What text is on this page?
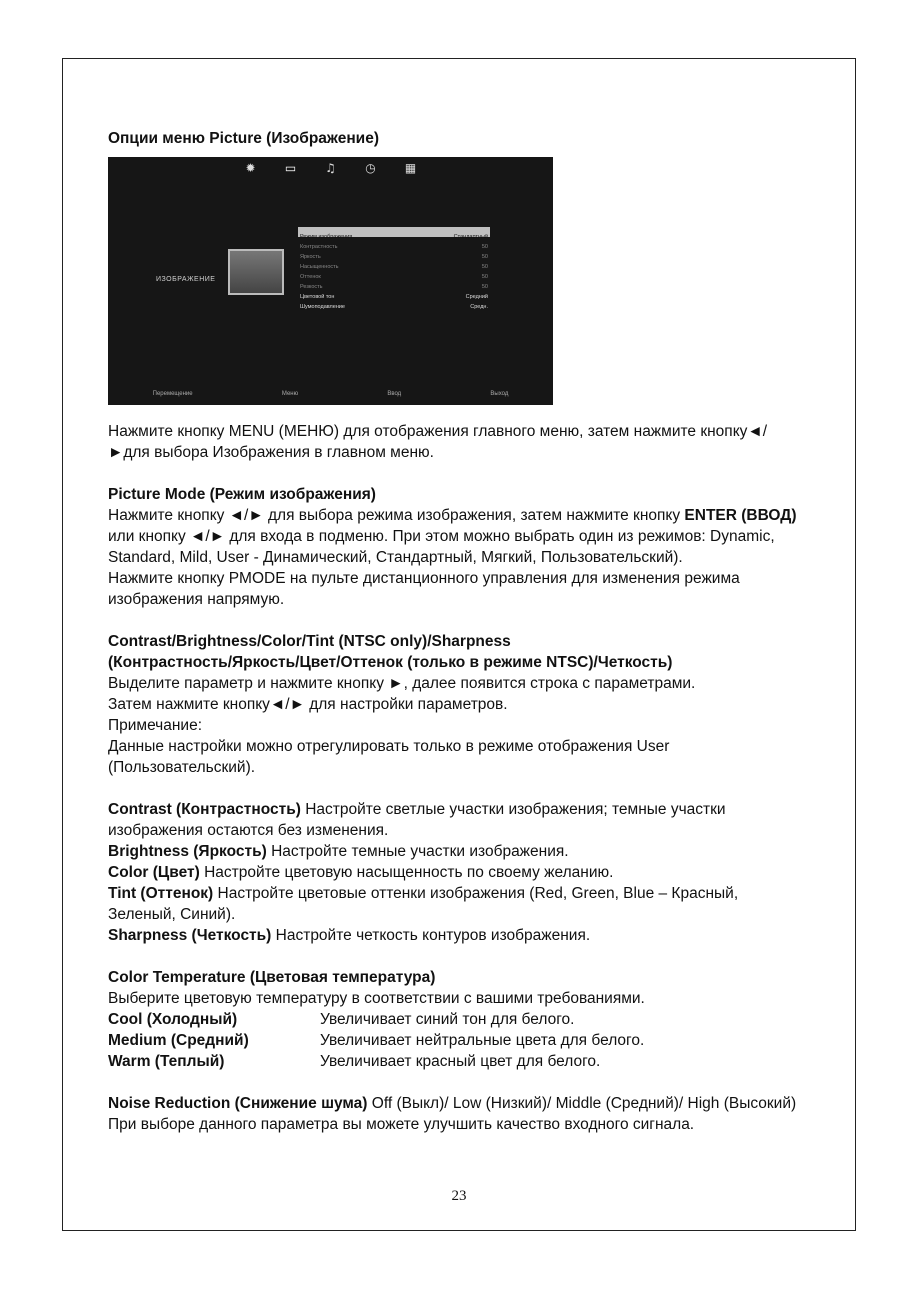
Опции меню Picture (Изображение)

✹	▭	♫	◷	▦
ИЗОБРАЖЕНИЕ
Режим изображения	Стандартный
Контрастность	50
Яркость	50
Насыщенность	50
Оттенок	50
Резкость	50
Цветовой тон	Средний
Шумоподавление	Средн.
Перемещение	Меню	Ввод	Выход

Нажмите кнопку MENU (МЕНЮ) для отображения главного меню, затем нажмите кнопку◄/►для выбора Изображения в главном меню.

Picture Mode (Режим изображения)

Нажмите кнопку ◄/► для выбора режима изображения, затем нажмите кнопку ENTER (ВВОД) или кнопку ◄/► для входа в подменю. При этом можно выбрать один из режимов: Dynamic, Standard, Mild, User - Динамический, Стандартный, Мягкий, Пользовательский).

Нажмите кнопку PMODE на пульте дистанционного управления для изменения режима изображения напрямую.

Contrast/Brightness/Color/Tint (NTSC only)/Sharpness

(Контрастность/Яркость/Цвет/Оттенок (только в режиме NTSC)/Четкость)

Выделите параметр и нажмите кнопку ►, далее появится строка с параметрами.

Затем нажмите кнопку◄/► для настройки параметров.

Примечание:

Данные настройки можно отрегулировать только в режиме отображения User (Пользовательский).

Contrast (Контрастность) Настройте светлые участки изображения; темные участки изображения остаются без изменения.

Brightness (Яркость) Настройте темные участки изображения.

Color (Цвет) Настройте цветовую насыщенность по своему желанию.

Tint (Оттенок) Настройте цветовые оттенки изображения (Red, Green, Blue – Красный, Зеленый, Синий).

Sharpness (Четкость) Настройте четкость контуров изображения.

Color Temperature (Цветовая температура)

Выберите цветовую температуру в соответствии с вашими требованиями.

Cool (Холодный)	Увеличивает синий тон для белого.
Medium (Средний)	Увеличивает нейтральные цвета для белого.
Warm (Теплый)	Увеличивает красный цвет для белого.

Noise Reduction (Снижение шума) Off (Выкл)/ Low (Низкий)/ Middle (Средний)/ High (Высокий)

При выборе данного параметра вы можете улучшить качество входного сигнала.

23
